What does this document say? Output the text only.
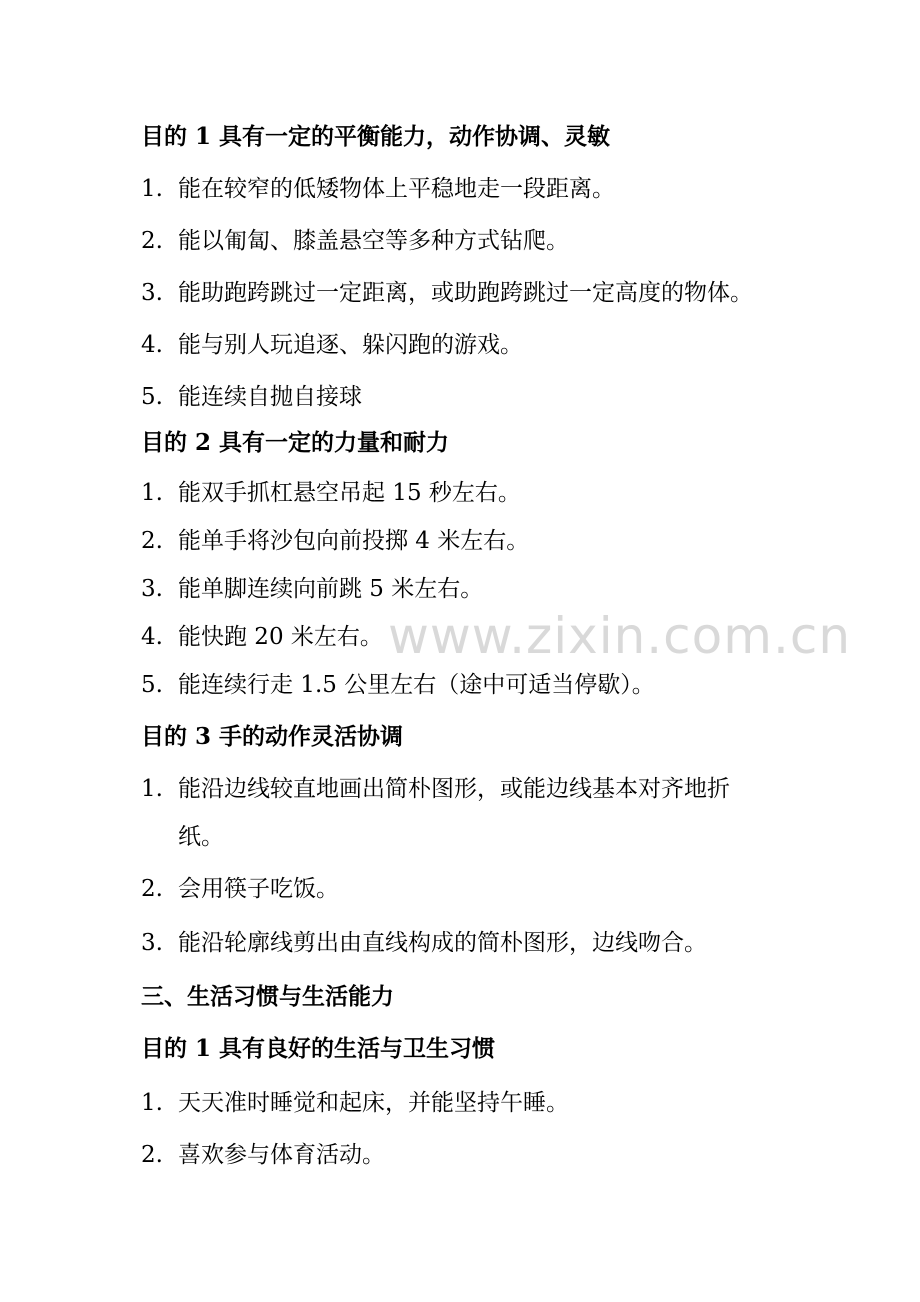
目的 1 具有一定的平衡能力，动作协调、灵敏
1. 能在较窄的低矮物体上平稳地走一段距离。
2. 能以匍匐、膝盖悬空等多种方式钻爬。
3. 能助跑跨跳过一定距离，或助跑跨跳过一定高度的物体。
4. 能与别人玩追逐、躲闪跑的游戏。
5. 能连续自抛自接球
目的 2 具有一定的力量和耐力
1. 能双手抓杠悬空吊起 15 秒左右。
2. 能单手将沙包向前投掷 4 米左右。
3. 能单脚连续向前跳 5 米左右。
4. 能快跑 20 米左右。
5. 能连续行走 1.5 公里左右（途中可适当停歇）。
目的 3 手的动作灵活协调
1. 能沿边线较直地画出简朴图形，或能边线基本对齐地折
纸。
2. 会用筷子吃饭。
3. 能沿轮廓线剪出由直线构成的简朴图形，边线吻合。
三、生活习惯与生活能力
目的 1 具有良好的生活与卫生习惯
1. 天天准时睡觉和起床，并能坚持午睡。
2. 喜欢参与体育活动。
www.zixin.com.cn
